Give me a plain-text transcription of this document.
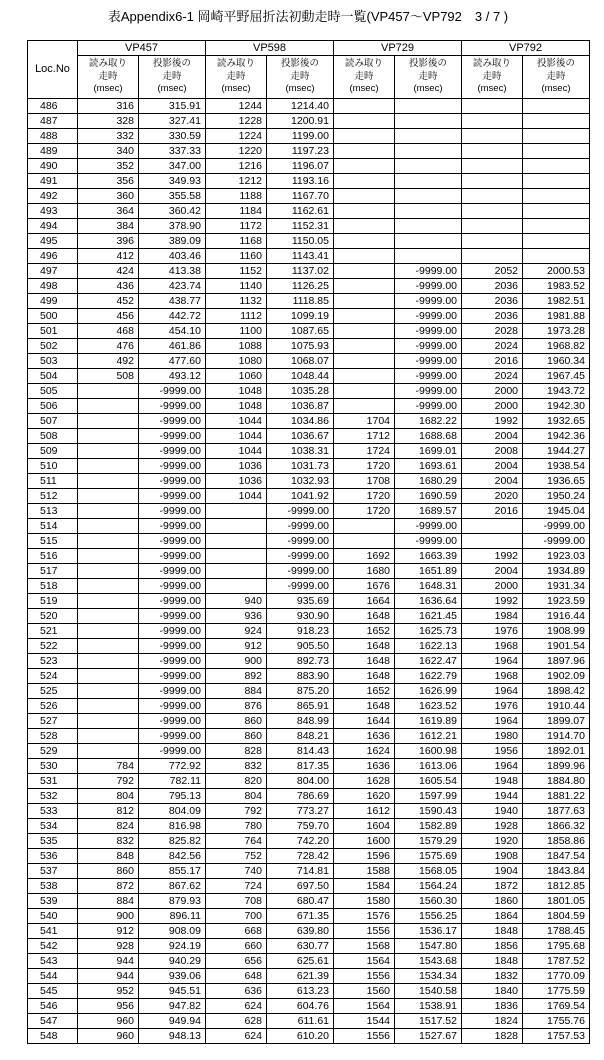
表Appendix6-1 岡崎平野屈折法初動走時一覧(VP457～VP792　3 / 7 )
Loc.No	VP457		VP598		VP729		VP792	

	読み取り
走時
(msec)	投影後の
走時
(msec)	読み取り
走時
(msec)	投影後の
走時
(msec)	読み取り
走時
(msec)	投影後の
走時
(msec)	読み取り
走時
(msec)	投影後の
走時
(msec)

486	316	315.91	1244	1214.40				
487	328	327.41	1228	1200.91				
488	332	330.59	1224	1199.00				
489	340	337.33	1220	1197.23				
490	352	347.00	1216	1196.07				
491	356	349.93	1212	1193.16				
492	360	355.58	1188	1167.70				
493	364	360.42	1184	1162.61				
494	384	378.90	1172	1152.31				
495	396	389.09	1168	1150.05				
496	412	403.46	1160	1143.41				
497	424	413.38	1152	1137.02		-9999.00	2052	2000.53
498	436	423.74	1140	1126.25		-9999.00	2036	1983.52
499	452	438.77	1132	1118.85		-9999.00	2036	1982.51
500	456	442.72	1112	1099.19		-9999.00	2036	1981.88
501	468	454.10	1100	1087.65		-9999.00	2028	1973.28
502	476	461.86	1088	1075.93		-9999.00	2024	1968.82
503	492	477.60	1080	1068.07		-9999.00	2016	1960.34
504	508	493.12	1060	1048.44		-9999.00	2024	1967.45
505		-9999.00	1048	1035.28		-9999.00	2000	1943.72
506		-9999.00	1048	1036.87		-9999.00	2000	1942.30
507		-9999.00	1044	1034.86	1704	1682.22	1992	1932.65
508		-9999.00	1044	1036.67	1712	1688.68	2004	1942.36
509		-9999.00	1044	1038.31	1724	1699.01	2008	1944.27
510		-9999.00	1036	1031.73	1720	1693.61	2004	1938.54
511		-9999.00	1036	1032.93	1708	1680.29	2004	1936.65
512		-9999.00	1044	1041.92	1720	1690.59	2020	1950.24
513		-9999.00		-9999.00	1720	1689.57	2016	1945.04
514		-9999.00		-9999.00		-9999.00		-9999.00
515		-9999.00		-9999.00		-9999.00		-9999.00
516		-9999.00		-9999.00	1692	1663.39	1992	1923.03
517		-9999.00		-9999.00	1680	1651.89	2004	1934.89
518		-9999.00		-9999.00	1676	1648.31	2000	1931.34
519		-9999.00	940	935.69	1664	1636.64	1992	1923.59
520		-9999.00	936	930.90	1648	1621.45	1984	1916.44
521		-9999.00	924	918.23	1652	1625.73	1976	1908.99
522		-9999.00	912	905.50	1648	1622.13	1968	1901.54
523		-9999.00	900	892.73	1648	1622.47	1964	1897.96
524		-9999.00	892	883.90	1648	1622.79	1968	1902.09
525		-9999.00	884	875.20	1652	1626.99	1964	1898.42
526		-9999.00	876	865.91	1648	1623.52	1976	1910.44
527		-9999.00	860	848.99	1644	1619.89	1964	1899.07
528		-9999.00	860	848.21	1636	1612.21	1980	1914.70
529		-9999.00	828	814.43	1624	1600.98	1956	1892.01
530	784	772.92	832	817.35	1636	1613.06	1964	1899.96
531	792	782.11	820	804.00	1628	1605.54	1948	1884.80
532	804	795.13	804	786.69	1620	1597.99	1944	1881.22
533	812	804.09	792	773.27	1612	1590.43	1940	1877.63
534	824	816.98	780	759.70	1604	1582.89	1928	1866.32
535	832	825.82	764	742.20	1600	1579.29	1920	1858.86
536	848	842.56	752	728.42	1596	1575.69	1908	1847.54
537	860	855.17	740	714.81	1588	1568.05	1904	1843.84
538	872	867.62	724	697.50	1584	1564.24	1872	1812.85
539	884	879.93	708	680.47	1580	1560.30	1860	1801.05
540	900	896.11	700	671.35	1576	1556.25	1864	1804.59
541	912	908.09	668	639.80	1556	1536.17	1848	1788.45
542	928	924.19	660	630.77	1568	1547.80	1856	1795.68
543	944	940.29	656	625.61	1564	1543.68	1848	1787.52
544	944	939.06	648	621.39	1556	1534.34	1832	1770.09
545	952	945.51	636	613.23	1560	1540.58	1840	1775.59
546	956	947.82	624	604.76	1564	1538.91	1836	1769.54
547	960	949.94	628	611.61	1544	1517.52	1824	1755.76
548	960	948.13	624	610.20	1556	1527.67	1828	1757.53
